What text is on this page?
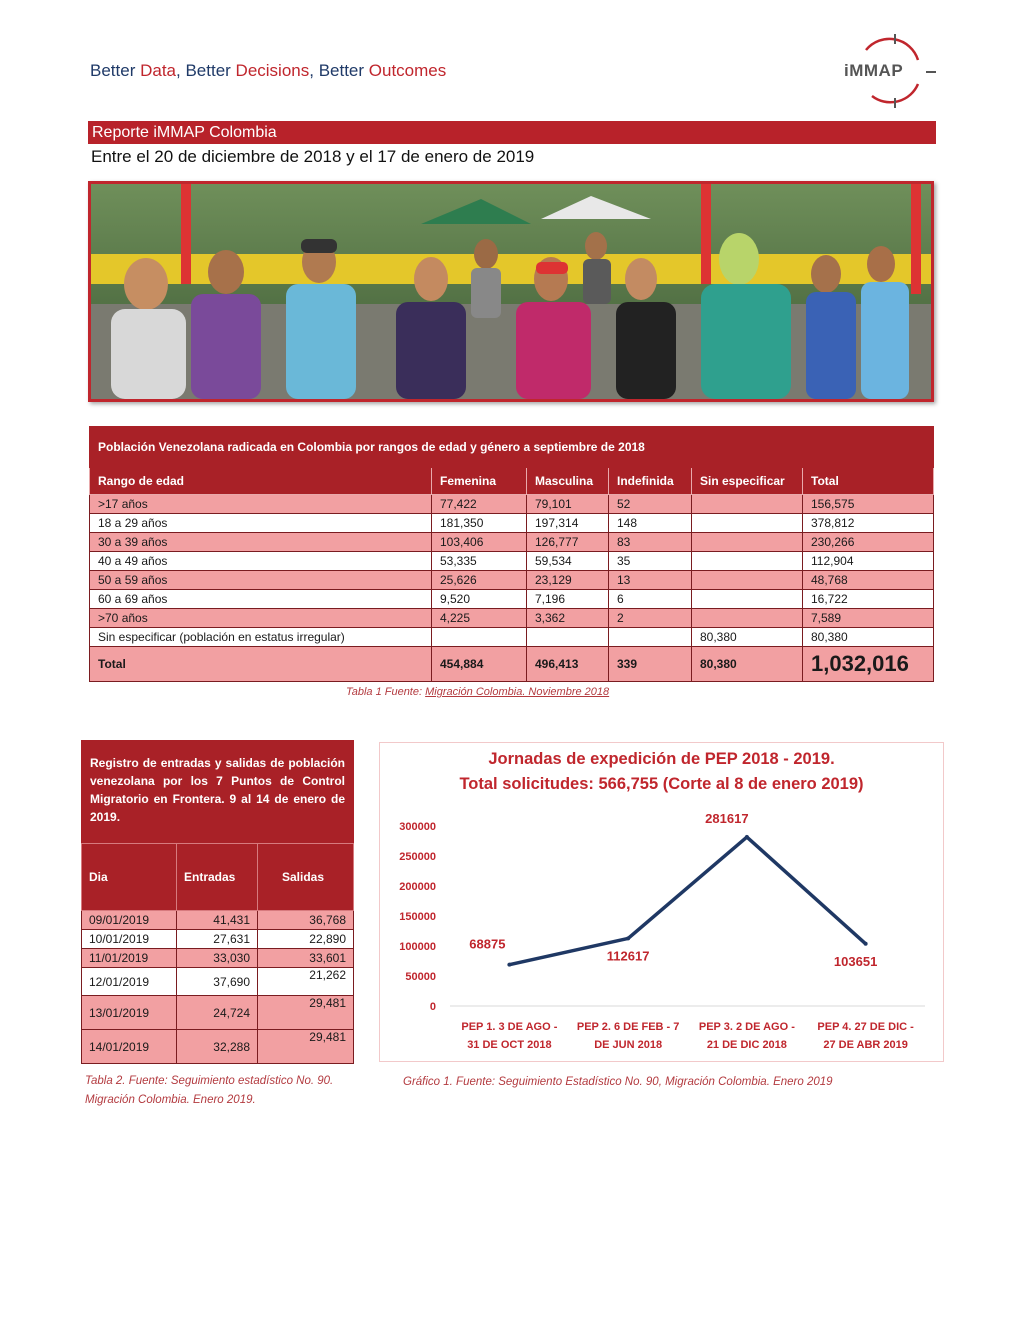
Better Data, Better Decisions, Better Outcomes	iMMAP
Reporte iMMAP Colombia
Entre el 20 de diciembre de 2018 y el 17 de enero de 2019
Población Venezolana radicada en Colombia por rangos de edad y género a septiembre de 2018					
Rango de edad	Femenina	Masculina	Indefinida	Sin especificar	Total
>17 años	77,422	79,101	52		156,575
18 a 29 años	181,350	197,314	148		378,812
30 a 39 años	103,406	126,777	83		230,266
40 a 49 años	53,335	59,534	35		112,904
50 a 59 años	25,626	23,129	13		48,768
60 a 69 años	9,520	7,196	6		16,722
>70 años	4,225	3,362	2		7,589
Sin especificar (población en estatus irregular)				80,380	80,380
Total	454,884	496,413	339	80,380	1,032,016
Tabla 1 Fuente: Migración Colombia. Noviembre 2018
Registro de entradas y salidas de población venezolana por los 7 Puntos de Control Migratorio en Frontera. 9 al 14 de enero de 2019.
Dia	Entradas	Salidas
09/01/2019	41,431	36,768
10/01/2019	27,631	22,890
11/01/2019	33,030	33,601
12/01/2019	37,690	21,262
13/01/2019	24,724	29,481
14/01/2019	32,288	29,481
Tabla 2. Fuente: Seguimiento estadístico No. 90. Migración Colombia. Enero 2019.
Jornadas de expedición de PEP 2018 - 2019.
Total solicitudes: 566,755 (Corte al 8 de enero 2019)
300000
250000
200000
150000
100000
50000
0
68875
112617
281617
103651
PEP 1. 3 DE AGO -
31 DE OCT 2018
PEP 2. 6 DE FEB - 7
DE JUN 2018
PEP 3. 2 DE AGO -
21 DE DIC 2018
PEP 4. 27 DE DIC -
27 DE ABR 2019
Gráfico 1. Fuente: Seguimiento Estadístico No. 90, Migración Colombia. Enero 2019
